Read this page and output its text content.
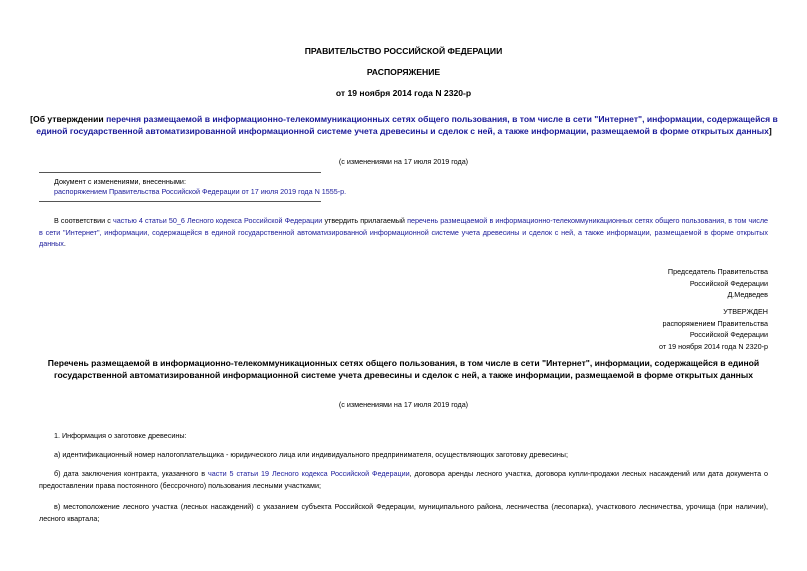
ПРАВИТЕЛЬСТВО РОССИЙСКОЙ ФЕДЕРАЦИИ
РАСПОРЯЖЕНИЕ
от 19 ноября 2014 года N 2320-р
[Об утверждении перечня размещаемой в информационно-телекоммуникационных сетях общего пользования, в том числе в сети "Интернет", информации, содержащейся в единой государственной автоматизированной информационной системе учета древесины и сделок с ней, а также информации, размещаемой в форме открытых данных]
(с изменениями на 17 июля 2019 года)
Документ с изменениями, внесенными:
распоряжением Правительства Российской Федерации от 17 июля 2019 года N 1555-р.
В соответствии с частью 4 статьи 50_6 Лесного кодекса Российской Федерации утвердить прилагаемый перечень размещаемой в информационно-телекоммуникационных сетях общего пользования, в том числе в сети "Интернет", информации, содержащейся в единой государственной автоматизированной информационной системе учета древесины и сделок с ней, а также информации, размещаемой в форме открытых данных.
Председатель Правительства
Российской Федерации
Д.Медведев
УТВЕРЖДЕН
распоряжением Правительства
Российской Федерации
от 19 ноября 2014 года N 2320-р
Перечень размещаемой в информационно-телекоммуникационных сетях общего пользования, в том числе в сети "Интернет", информации, содержащейся в единой государственной автоматизированной информационной системе учета древесины и сделок с ней, а также информации, размещаемой в форме открытых данных
(с изменениями на 17 июля 2019 года)
1. Информация о заготовке древесины:
а) идентификационный номер налогоплательщика - юридического лица или индивидуального предпринимателя, осуществляющих заготовку древесины;
б) дата заключения контракта, указанного в части 5 статьи 19 Лесного кодекса Российской Федерации, договора аренды лесного участка, договора купли-продажи лесных насаждений или дата документа о предоставлении права постоянного (бессрочного) пользования лесными участками;
в) местоположение лесного участка (лесных насаждений) с указанием субъекта Российской Федерации, муниципального района, лесничества (лесопарка), участкового лесничества, урочища (при наличии), лесного квартала;
